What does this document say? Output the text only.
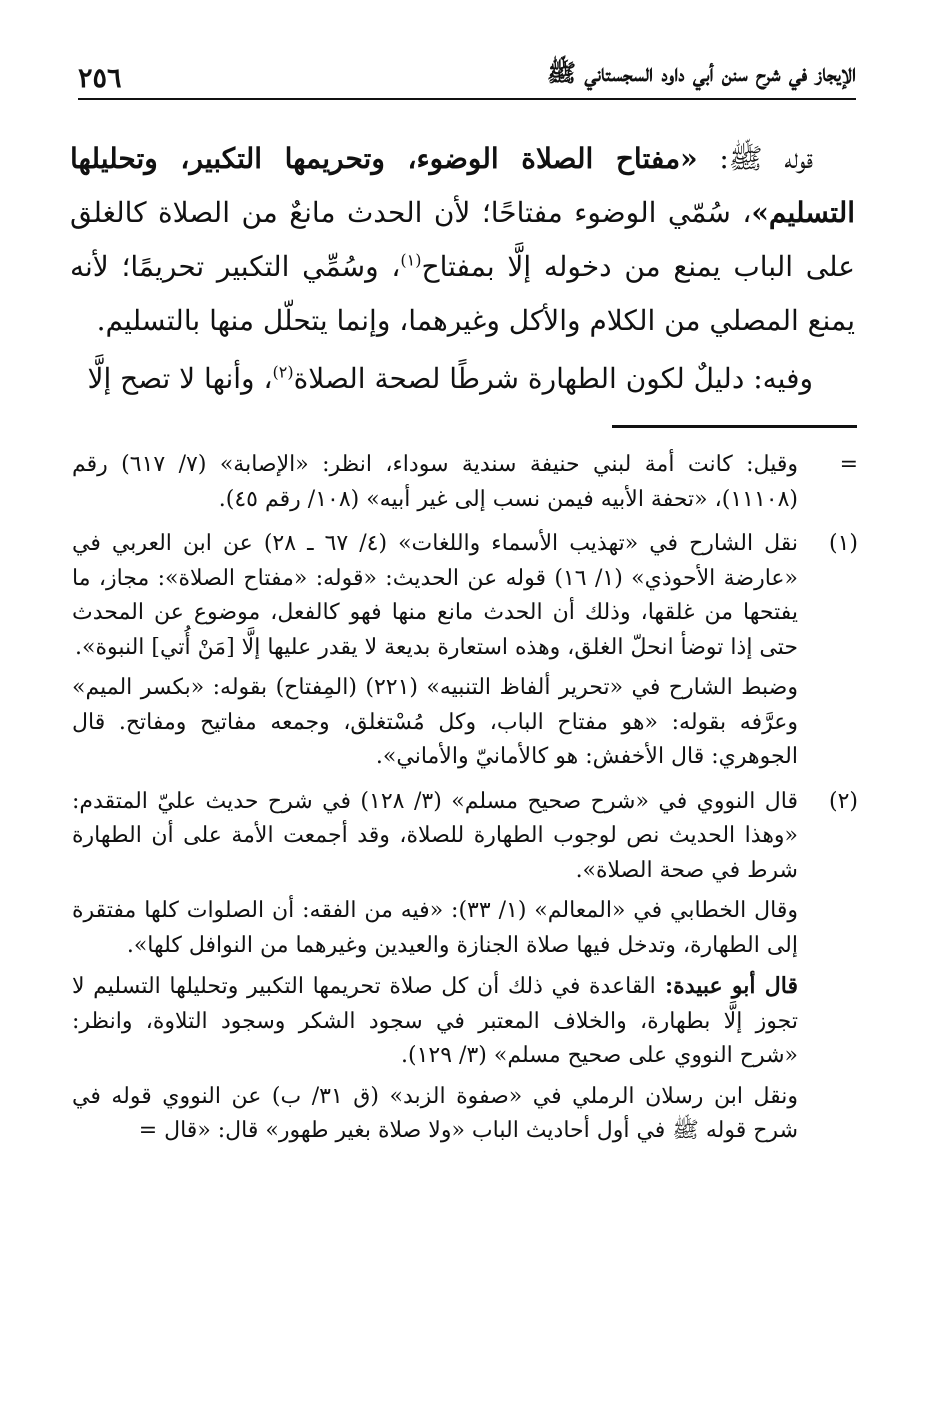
٢٥٦	الإيجاز في شرح سنن أبي داود السجستاني ﷺ

قوله ﷺ: «مفتاح الصلاة الوضوء، وتحريمها التكبير، وتحليلها التسليم»، سُمّي الوضوء مفتاحًا؛ لأن الحدث مانعٌ من الصلاة كالغلق على الباب يمنع من دخوله إلَّا بمفتاح$^{(١)}$، وسُمِّي التكبير تحريمًا؛ لأنه يمنع المصلي من الكلام والأكل وغيرهما، وإنما يتحلّل منها بالتسليم.

وفيه: دليلٌ لكون الطهارة شرطًا لصحة الصلاة$^{(٢)}$، وأنها لا تصح إلَّا

=

وقيل: كانت أمة لبني حنيفة سندية سوداء، انظر: «الإصابة» (٧/ ٦١٧) رقم (١١١٠٨)، «تحفة الأبيه فيمن نسب إلى غير أبيه» (١٠٨/ رقم ٤٥).

(١)

نقل الشارح في «تهذيب الأسماء واللغات» (٤/ ٦٧ ـ ٢٨) عن ابن العربي في «عارضة الأحوذي» (١/ ١٦) قوله عن الحديث: «قوله: «مفتاح الصلاة»: مجاز، ما يفتحها من غلقها، وذلك أن الحدث مانع منها فهو كالفعل، موضوع عن المحدث حتى إذا توضأ انحلّ الغلق، وهذه استعارة بديعة لا يقدر عليها إلَّا [مَنْ أُتي] النبوة».

وضبط الشارح في «تحرير ألفاظ التنبيه» (٢٢١) (المِفتاح) بقوله: «بكسر الميم» وعرَّفه بقوله: «هو مفتاح الباب، وكل مُسْتغلق، وجمعه مفاتيح ومفاتح. قال الجوهري: قال الأخفش: هو كالأمانيّ والأماني».

(٢)

قال النووي في «شرح صحيح مسلم» (٣/ ١٢٨) في شرح حديث عليّ المتقدم: «وهذا الحديث نص لوجوب الطهارة للصلاة، وقد أجمعت الأمة على أن الطهارة شرط في صحة الصلاة».

وقال الخطابي في «المعالم» (١/ ٣٣): «فيه من الفقه: أن الصلوات كلها مفتقرة إلى الطهارة، وتدخل فيها صلاة الجنازة والعيدين وغيرهما من النوافل كلها».

قال أبو عبيدة: القاعدة في ذلك أن كل صلاة تحريمها التكبير وتحليلها التسليم لا تجوز إلَّا بطهارة، والخلاف المعتبر في سجود الشكر وسجود التلاوة، وانظر: «شرح النووي على صحيح مسلم» (٣/ ١٢٩).

ونقل ابن رسلان الرملي في «صفوة الزبد» (ق ٣١/ ب) عن النووي قوله في شرح قوله ﷺ في أول أحاديث الباب «ولا صلاة بغير طهور» قال: «قال =
